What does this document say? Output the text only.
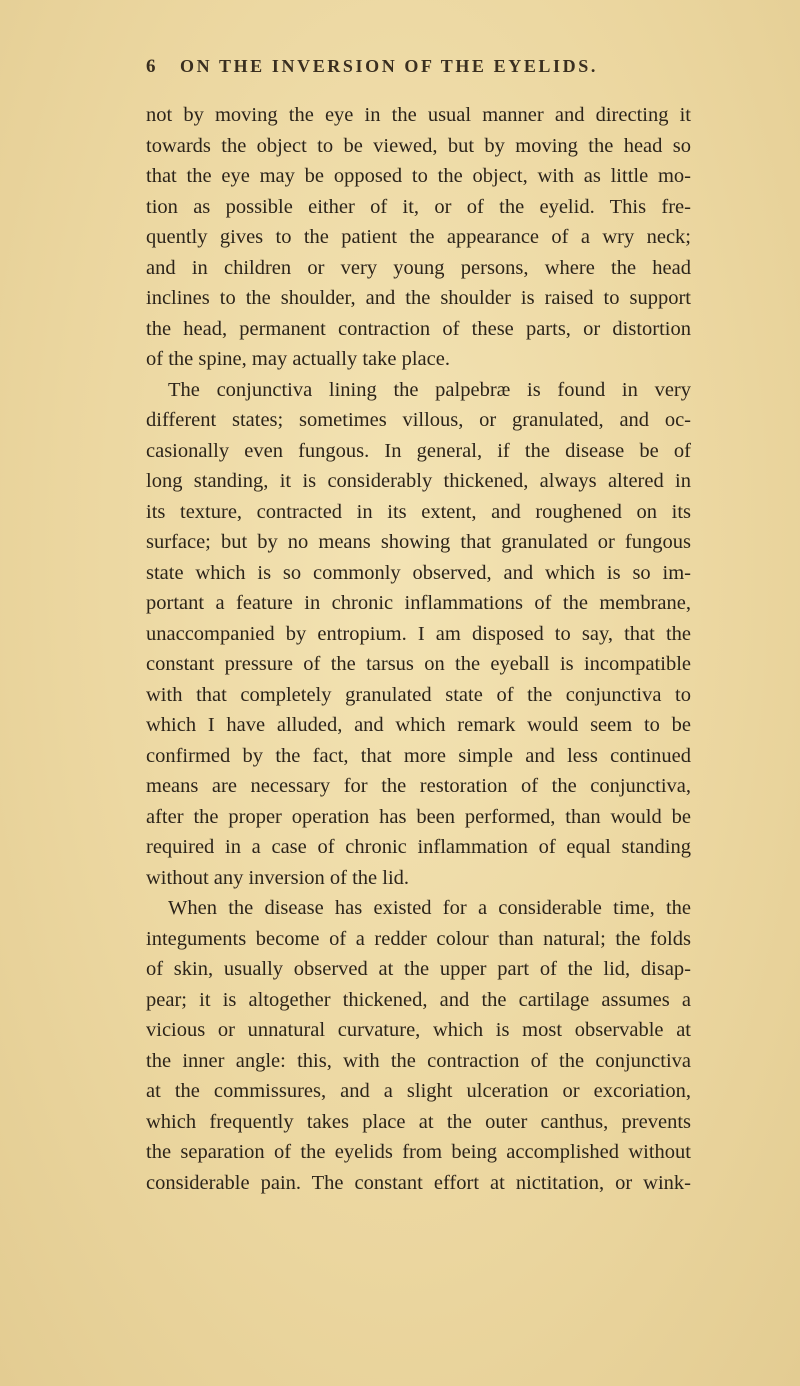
6 ON THE INVERSION OF THE EYELIDS.
not by moving the eye in the usual manner and directing it
towards the object to be viewed, but by moving the head so
that the eye may be opposed to the object, with as little mo-
tion as possible either of it, or of the eyelid. This fre-
quently gives to the patient the appearance of a wry neck;
and in children or very young persons, where the head
inclines to the shoulder, and the shoulder is raised to support
the head, permanent contraction of these parts, or distortion
of the spine, may actually take place.
The conjunctiva lining the palpebræ is found in very
different states; sometimes villous, or granulated, and oc-
casionally even fungous. In general, if the disease be of
long standing, it is considerably thickened, always altered in
its texture, contracted in its extent, and roughened on its
surface; but by no means showing that granulated or fungous
state which is so commonly observed, and which is so im-
portant a feature in chronic inflammations of the membrane,
unaccompanied by entropium. I am disposed to say, that the
constant pressure of the tarsus on the eyeball is incompatible
with that completely granulated state of the conjunctiva to
which I have alluded, and which remark would seem to be
confirmed by the fact, that more simple and less continued
means are necessary for the restoration of the conjunctiva,
after the proper operation has been performed, than would be
required in a case of chronic inflammation of equal standing
without any inversion of the lid.
When the disease has existed for a considerable time, the
integuments become of a redder colour than natural; the folds
of skin, usually observed at the upper part of the lid, disap-
pear; it is altogether thickened, and the cartilage assumes a
vicious or unnatural curvature, which is most observable at
the inner angle: this, with the contraction of the conjunctiva
at the commissures, and a slight ulceration or excoriation,
which frequently takes place at the outer canthus, prevents
the separation of the eyelids from being accomplished without
considerable pain. The constant effort at nictitation, or wink-
